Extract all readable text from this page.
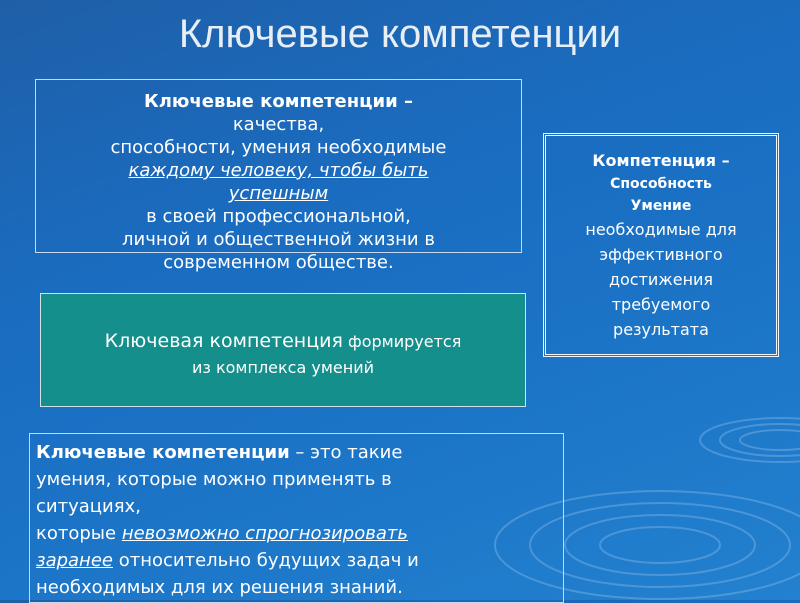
Ключевые компетенции
Ключевые компетенции –
качества,
способности, умения необходимые
каждому человеку, чтобы быть
успешным
в своей профессиональной,
личной и общественной жизни в
современном обществе.
Компетенция –
Способность
Умение
необходимые для
эффективного
достижения
требуемого
результата
Ключевая компетенция формируется
из комплекса умений
Ключевые компетенции – это такие
умения, которые можно применять в
ситуациях,
которые невозможно спрогнозировать
заранее относительно будущих задач и
необходимых для их решения знаний.
